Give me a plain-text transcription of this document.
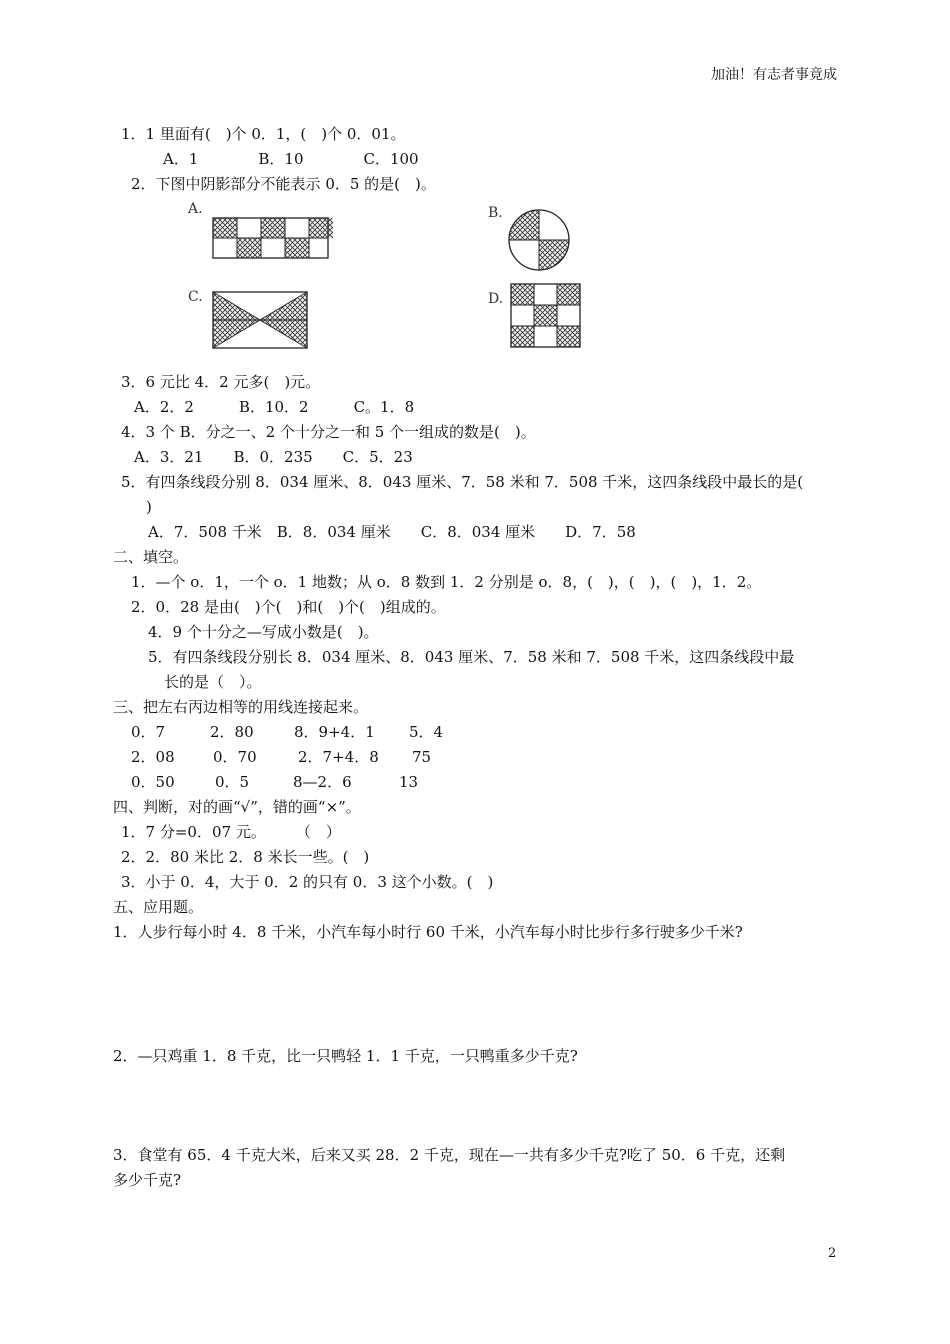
加油！有志者事竟成
1．1 里面有(　)个 0．1，(　)个 0．01。
A．1　　　　B．10　　　　C．100
2．下图中阴影部分不能表示 0．5 的是(　)。
A.	B.
C.	D.
3．6 元比 4．2 元多(　)元。
A．2．2　　　B．10．2　　　C。1．8
4．3 个 B．分之一、2 个十分之一和 5 个一组成的数是(　)。
A．3．21　　B．0．235　　C．5．23
5．有四条线段分别 8．034 厘米、8．043 厘米、7．58 米和 7．508 千米，这四条线段中最长的是(
)
A．7．508 千米　B．8．034 厘米　　C．8．034 厘米　　D．7．58
二、填空。
1．—个 o．1，一个 o．1 地数；从 o．8 数到 1．2 分别是 o．8，(　)，(　)，(　)，1．2。
2．0．28 是由(　)个(　)和(　)个(　)组成的。
4．9 个十分之—写成小数是(　)。
5．有四条线段分别长 8．034 厘米、8．043 厘米、7．58 米和 7．508 千米，这四条线段中最
长的是（　）。
三、把左右丙边相等的用线连接起来。
0．7	2．80	8．9+4．1 5．4
2．08	0．70	2．7+4．8 75
0．50	0．5	8—2．6	13
四、判断，对的画“√”，错的画“×”。
1．7 分=0．07 元。　　　（　）
2．2．80 米比 2．8 米长一些。(　)
3．小于 0．4，大于 0．2 的只有 0．3 这个小数。(　)
五、应用题。
1．人步行每小时 4．8 千米，小汽车每小时行 60 千米，小汽车每小时比步行多行驶多少千米?
2．—只鸡重 1．8 千克，比一只鸭轻 1．1 千克，一只鸭重多少千克?
3．食堂有 65．4 千克大米，后来又买 28．2 千克，现在—一共有多少千克?吃了 50．6 千克，还剩
多少千克?
2
